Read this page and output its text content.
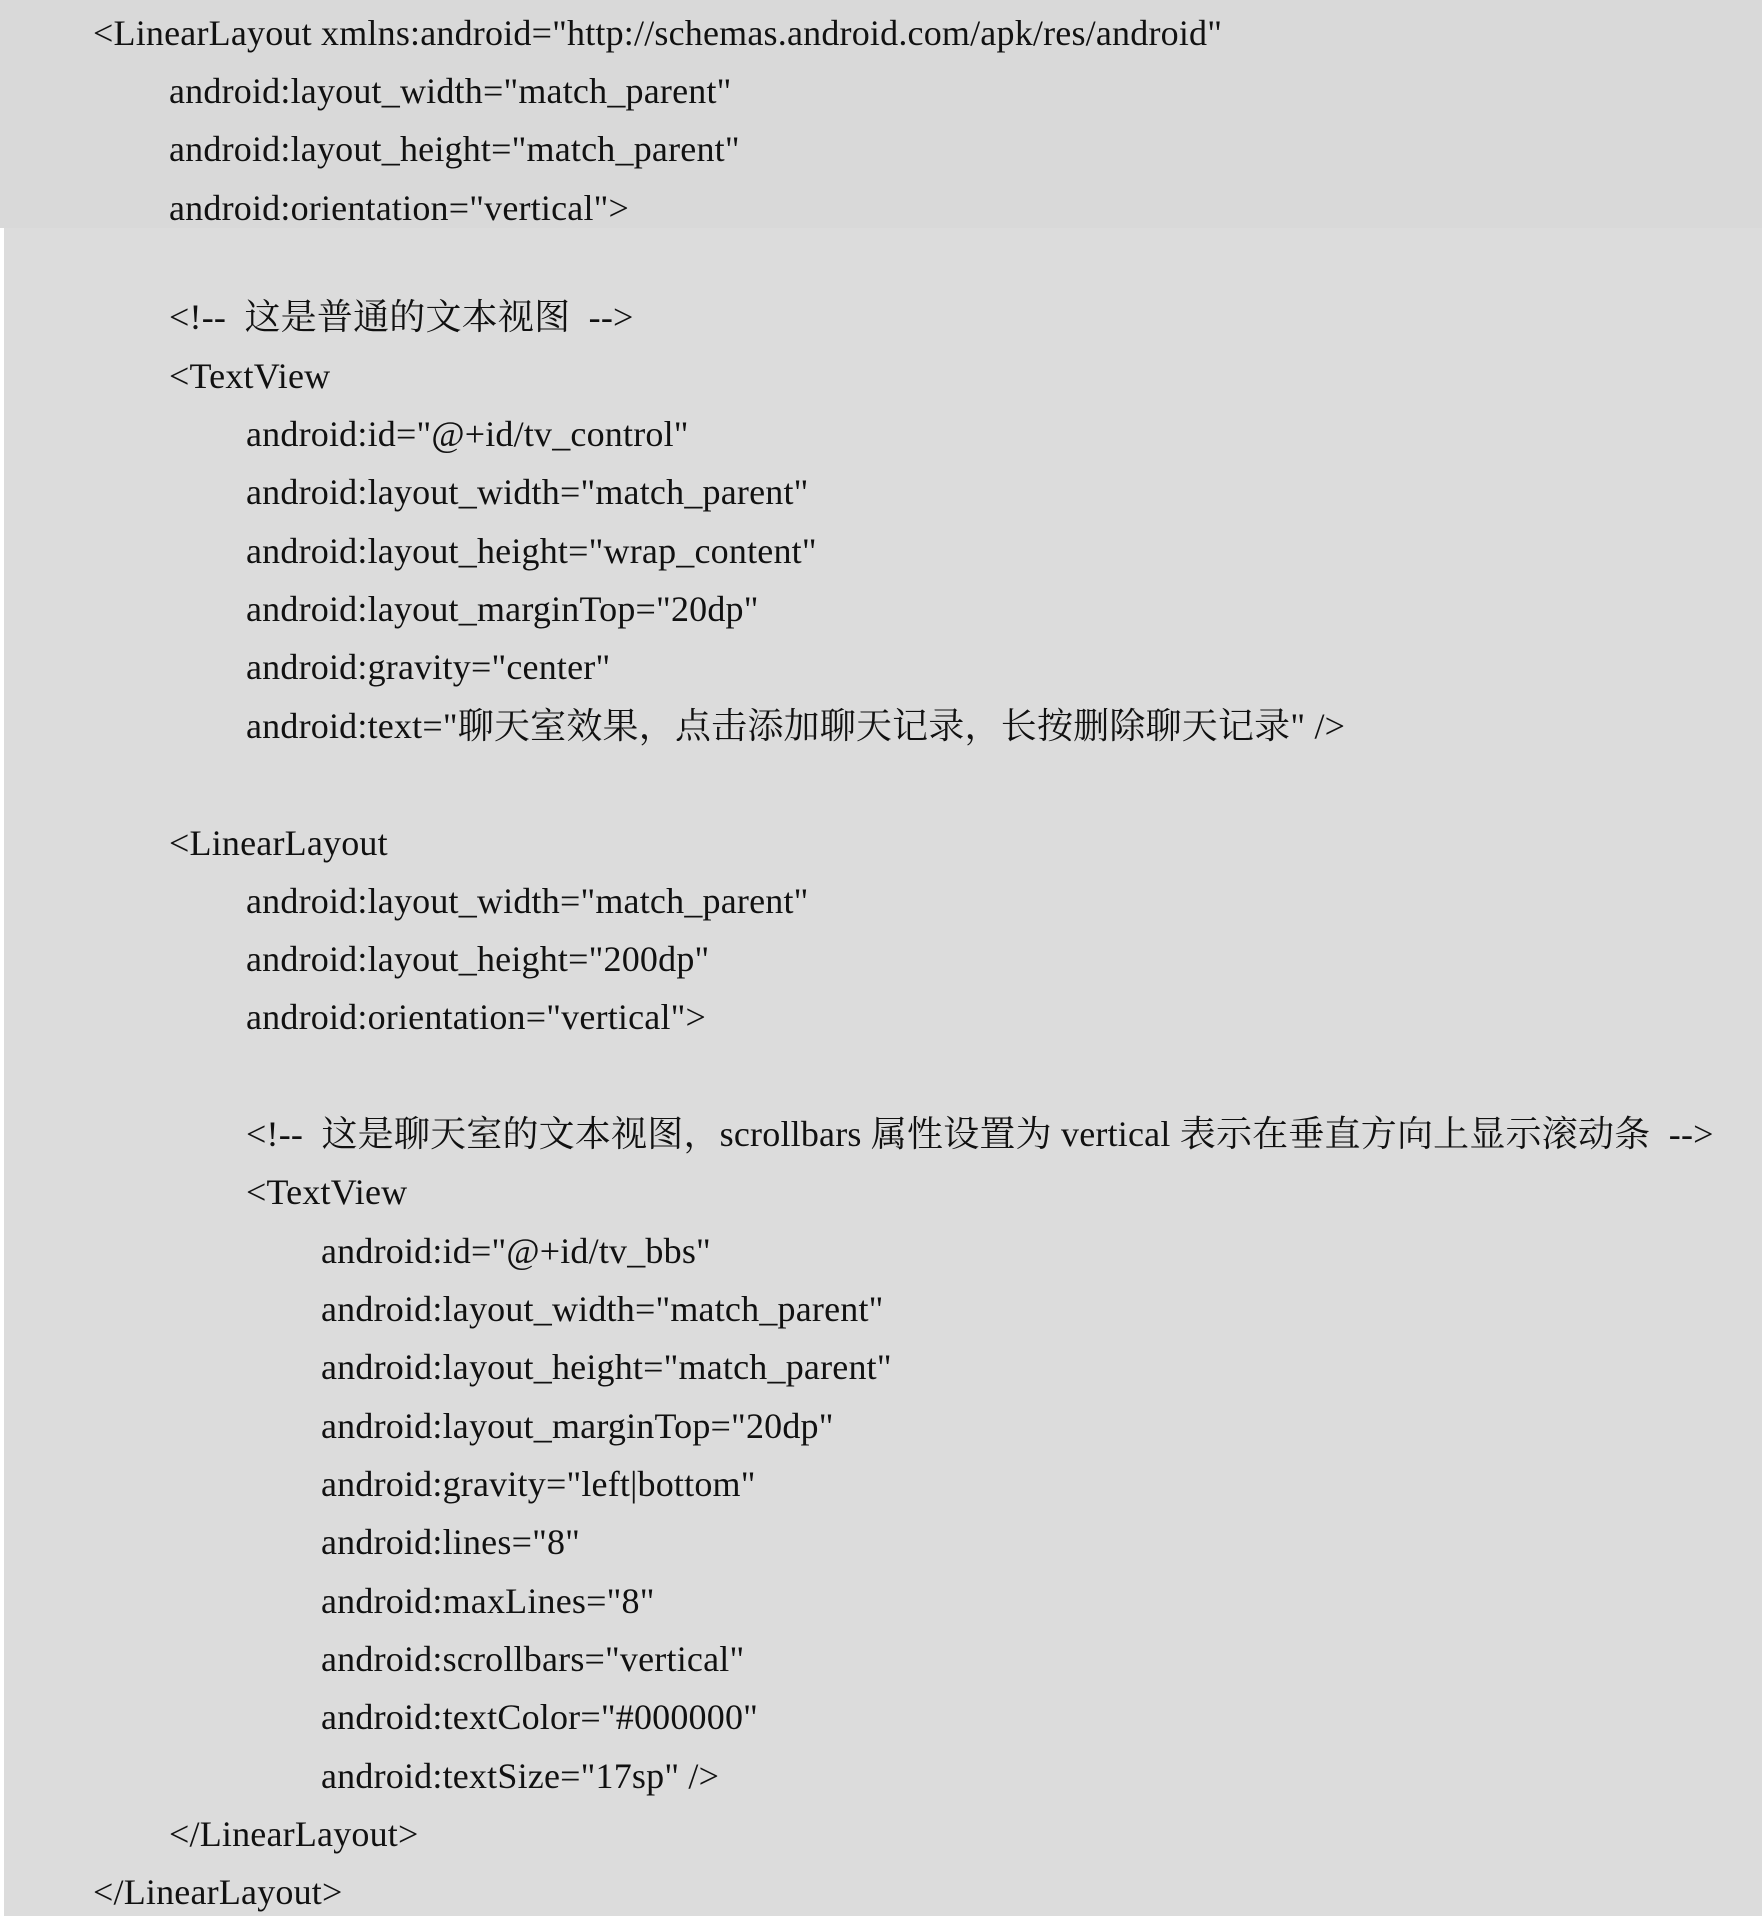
<LinearLayout xmlns:android="http://schemas.android.com/apk/res/android"
android:layout_width="match_parent"
android:layout_height="match_parent"
android:orientation="vertical">
<!--  这是普通的文本视图  -->
<TextView
android:id="@+id/tv_control"
android:layout_width="match_parent"
android:layout_height="wrap_content"
android:layout_marginTop="20dp"
android:gravity="center"
android:text="聊天室效果，点击添加聊天记录，长按删除聊天记录" />
<LinearLayout
android:layout_width="match_parent"
android:layout_height="200dp"
android:orientation="vertical">
<!--  这是聊天室的文本视图，scrollbars 属性设置为 vertical 表示在垂直方向上显示滚动条  -->
<TextView
android:id="@+id/tv_bbs"
android:layout_width="match_parent"
android:layout_height="match_parent"
android:layout_marginTop="20dp"
android:gravity="left|bottom"
android:lines="8"
android:maxLines="8"
android:scrollbars="vertical"
android:textColor="#000000"
android:textSize="17sp" />
</LinearLayout>
</LinearLayout>
